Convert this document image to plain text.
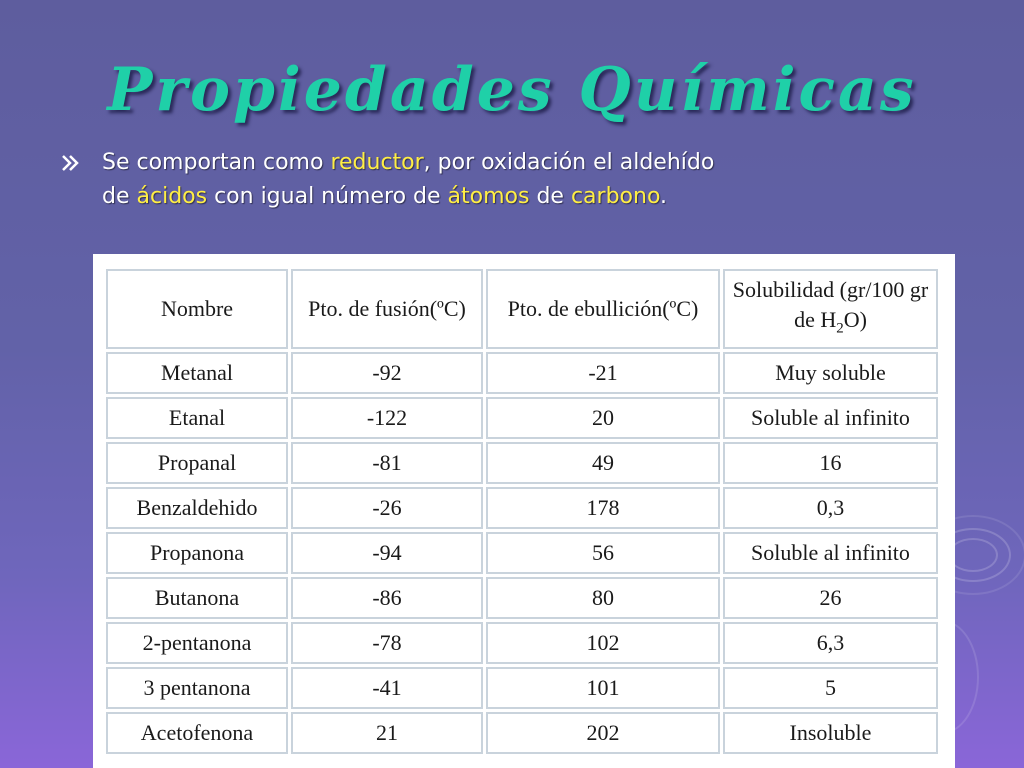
Propiedades Químicas
Se comportan como reductor, por oxidación el aldehído
de ácidos con igual número de átomos de carbono.
Nombre	Pto. de fusión(ºC)	Pto. de ebullición(ºC)	Solubilidad (gr/100 gr de $H_2O$)
Metanal	-92	-21	Muy soluble
Etanal	-122	20	Soluble al infinito
Propanal	-81	49	16
Benzaldehido	-26	178	0,3
Propanona	-94	56	Soluble al infinito
Butanona	-86	80	26
2-pentanona	-78	102	6,3
3 pentanona	-41	101	5
Acetofenona	21	202	Insoluble
